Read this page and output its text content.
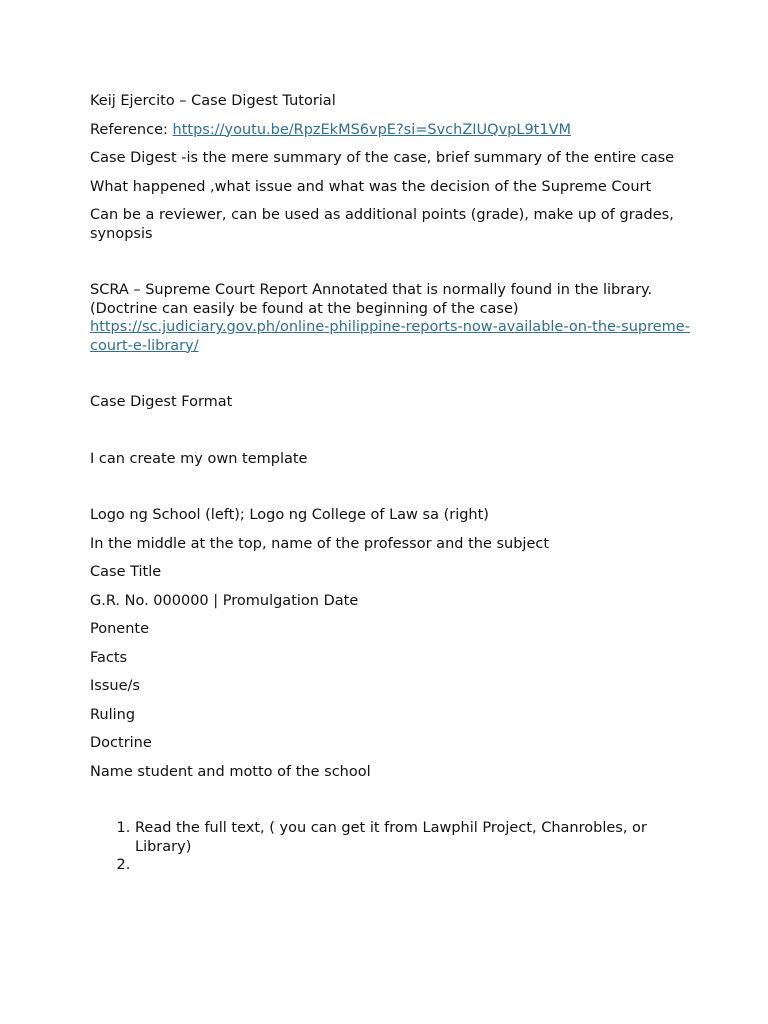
Keij Ejercito – Case Digest Tutorial

Reference: https://youtu.be/RpzEkMS6vpE?si=SvchZIUQvpL9t1VM

Case Digest -is the mere summary of the case, brief summary of the entire case

What happened ,what issue and what was the decision of the Supreme Court

Can be a reviewer, can be used as additional points (grade), make up of grades, synopsis

SCRA – Supreme Court Report Annotated that is normally found in the library.
(Doctrine can easily be found at the beginning of the case)
https://sc.judiciary.gov.ph/online-philippine-reports-now-available-on-the-supreme-court-e-library/

Case Digest Format

I can create my own template

Logo ng School (left); Logo ng College of Law sa (right)

In the middle at the top, name of the professor and the subject

Case Title

G.R. No. 000000 | Promulgation Date

Ponente

Facts

Issue/s

Ruling

Doctrine

Name student and motto of the school

1. Read the full text, ( you can get it from Lawphil Project, Chanrobles, or Library)
2.
